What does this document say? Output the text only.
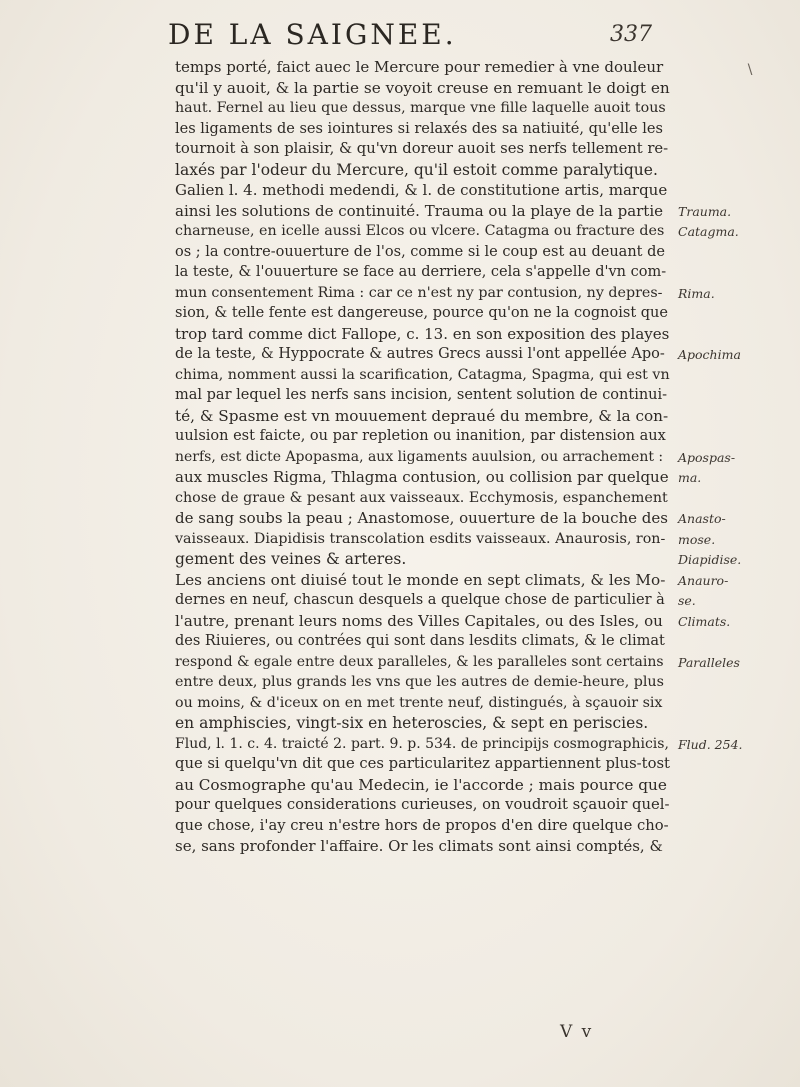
DE LA SAIGNEE.	337
temps porté, faict auec le Mercure pour remedier à vne douleur
qu'il y auoit, & la partie se voyoit creuse en remuant le doigt en
haut. Fernel au lieu que dessus, marque vne fille laquelle auoit tous
les ligaments de ses iointures si relaxés des sa natiuité, qu'elle les
tournoit à son plaisir, & qu'vn doreur auoit ses nerfs tellement re-
laxés par l'odeur du Mercure, qu'il estoit comme paralytique.
Galien l. 4. methodi medendi, & l. de constitutione artis, marque
ainsi les solutions de continuité. Trauma ou la playe de la partie
charneuse, en icelle aussi Elcos ou vlcere. Catagma ou fracture des
os ; la contre-ouuerture de l'os, comme si le coup est au deuant de
la teste, & l'ouuerture se face au derriere, cela s'appelle d'vn com-
mun consentement Rima : car ce n'est ny par contusion, ny depres-
sion, & telle fente est dangereuse, pource qu'on ne la cognoist que
trop tard comme dict Fallope, c. 13. en son exposition des playes
de la teste, & Hyppocrate & autres Grecs aussi l'ont appellée Apo-
chima, nomment aussi la scarification, Catagma, Spagma, qui est vn
mal par lequel les nerfs sans incision, sentent solution de continui-
té, & Spasme est vn mouuement depraué du membre, & la con-
uulsion est faicte, ou par repletion ou inanition, par distension aux
nerfs, est dicte Apopasma, aux ligaments auulsion, ou arrachement :
aux muscles Rigma, Thlagma contusion, ou collision par quelque
chose de graue & pesant aux vaisseaux. Ecchymosis, espanchement
de sang soubs la peau ; Anastomose, ouuerture de la bouche des
vaisseaux. Diapidisis transcolation esdits vaisseaux. Anaurosis, ron-
gement des veines & arteres.
Les anciens ont diuisé tout le monde en sept climats, & les Mo-
dernes en neuf, chascun desquels a quelque chose de particulier à
l'autre, prenant leurs noms des Villes Capitales, ou des Isles, ou
des Riuieres, ou contrées qui sont dans lesdits climats, & le climat
respond & egale entre deux paralleles, & les paralleles sont certains
entre deux, plus grands les vns que les autres de demie-heure, plus
ou moins, & d'iceux on en met trente neuf, distingués, à sçauoir six
en amphiscies, vingt-six en heteroscies, & sept en periscies.
Flud, l. 1. c. 4. traicté 2. part. 9. p. 534. de principijs cosmographicis,
que si quelqu'vn dit que ces particularitez appartiennent plus-tost
au Cosmographe qu'au Medecin, ie l'accorde ; mais pource que
pour quelques considerations curieuses, on voudroit sçauoir quel-
que chose, i'ay creu n'estre hors de propos d'en dire quelque cho-
se, sans profonder l'affaire. Or les climats sont ainsi comptés, &
Trauma.
Catagma.
Rima.
Apochima
Apospas-
ma.
Anasto-
mose.
Diapidise.
Anauro-
se.
Climats.
Paralleles
Flud. 254.
V v
∖
